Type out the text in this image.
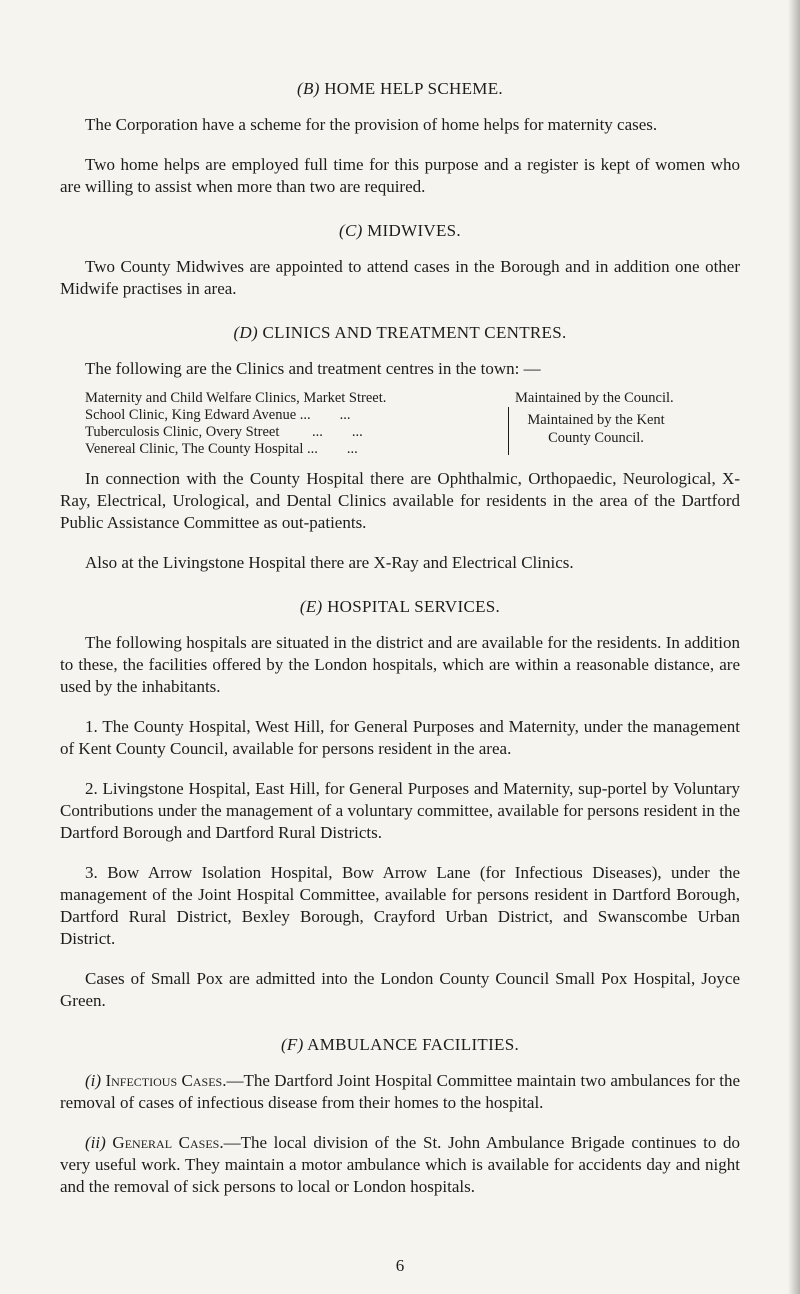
(B) HOME HELP SCHEME.

The Corporation have a scheme for the provision of home helps for maternity cases.

Two home helps are employed full time for this purpose and a register is kept of women who are willing to assist when more than two are required.

(C) MIDWIVES.

Two County Midwives are appointed to attend cases in the Borough and in addition one other Midwife practises in area.

(D) CLINICS AND TREATMENT CENTRES.

The following are the Clinics and treatment centres in the town: —

Maternity and Child Welfare Clinics, Market Street.	Maintained by the Council.
School Clinic, King Edward Avenue ...        ...
Tuberculosis Clinic, Overy Street         ...        ...
Venereal Clinic, The County Hospital ...        ...
Maintained by the Kent
County Council.

In connection with the County Hospital there are Ophthalmic, Orthopaedic, Neurological, X-Ray, Electrical, Urological, and Dental Clinics available for residents in the area of the Dartford Public Assistance Committee as out-patients.

Also at the Livingstone Hospital there are X-Ray and Electrical Clinics.

(E) HOSPITAL SERVICES.

The following hospitals are situated in the district and are available for the residents. In addition to these, the facilities offered by the London hospitals, which are within a reasonable distance, are used by the inhabitants.

1. The County Hospital, West Hill, for General Purposes and Maternity, under the management of Kent County Council, available for persons resident in the area.

2. Livingstone Hospital, East Hill, for General Purposes and Maternity, sup-portel by Voluntary Contributions under the management of a voluntary committee, available for persons resident in the Dartford Borough and Dartford Rural Districts.

3. Bow Arrow Isolation Hospital, Bow Arrow Lane (for Infectious Diseases), under the management of the Joint Hospital Committee, available for persons resident in Dartford Borough, Dartford Rural District, Bexley Borough, Crayford Urban District, and Swanscombe Urban District.

Cases of Small Pox are admitted into the London County Council Small Pox Hospital, Joyce Green.

(F) AMBULANCE FACILITIES.

(i) Infectious Cases.—The Dartford Joint Hospital Committee maintain two ambulances for the removal of cases of infectious disease from their homes to the hospital.

(ii) General Cases.—The local division of the St. John Ambulance Brigade continues to do very useful work. They maintain a motor ambulance which is available for accidents day and night and the removal of sick persons to local or London hospitals.

6
